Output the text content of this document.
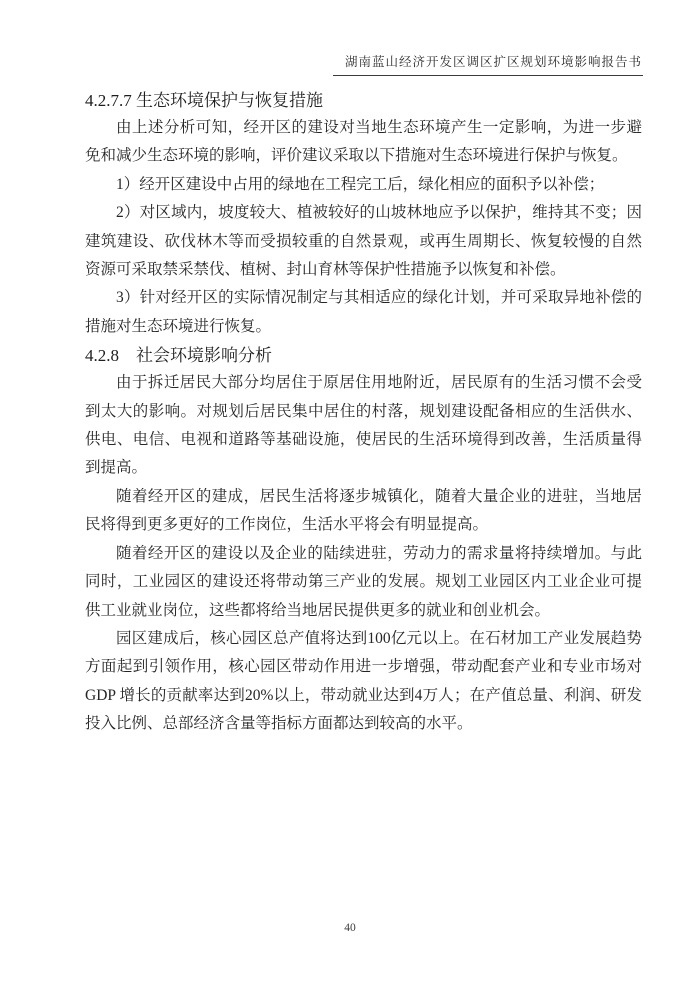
湖南蓝山经济开发区调区扩区规划环境影响报告书
4.2.7.7 生态环境保护与恢复措施

由上述分析可知，经开区的建设对当地生态环境产生一定影响，为进一步避免和减少生态环境的影响，评价建议采取以下措施对生态环境进行保护与恢复。

1）经开区建设中占用的绿地在工程完工后，绿化相应的面积予以补偿；

2）对区域内，坡度较大、植被较好的山坡林地应予以保护，维持其不变；因建筑建设、砍伐林木等而受损较重的自然景观，或再生周期长、恢复较慢的自然资源可采取禁采禁伐、植树、封山育林等保护性措施予以恢复和补偿。

3）针对经开区的实际情况制定与其相适应的绿化计划，并可采取异地补偿的措施对生态环境进行恢复。

4.2.8　社会环境影响分析

由于拆迁居民大部分均居住于原居住用地附近，居民原有的生活习惯不会受到太大的影响。对规划后居民集中居住的村落，规划建设配备相应的生活供水、供电、电信、电视和道路等基础设施，使居民的生活环境得到改善，生活质量得到提高。

随着经开区的建成，居民生活将逐步城镇化，随着大量企业的进驻，当地居民将得到更多更好的工作岗位，生活水平将会有明显提高。

随着经开区的建设以及企业的陆续进驻，劳动力的需求量将持续增加。与此同时，工业园区的建设还将带动第三产业的发展。规划工业园区内工业企业可提供工业就业岗位，这些都将给当地居民提供更多的就业和创业机会。

园区建成后，核心园区总产值将达到100亿元以上。在石材加工产业发展趋势方面起到引领作用，核心园区带动作用进一步增强，带动配套产业和专业市场对 GDP 增长的贡献率达到20%以上，带动就业达到4万人；在产值总量、利润、研发投入比例、总部经济含量等指标方面都达到较高的水平。

40
